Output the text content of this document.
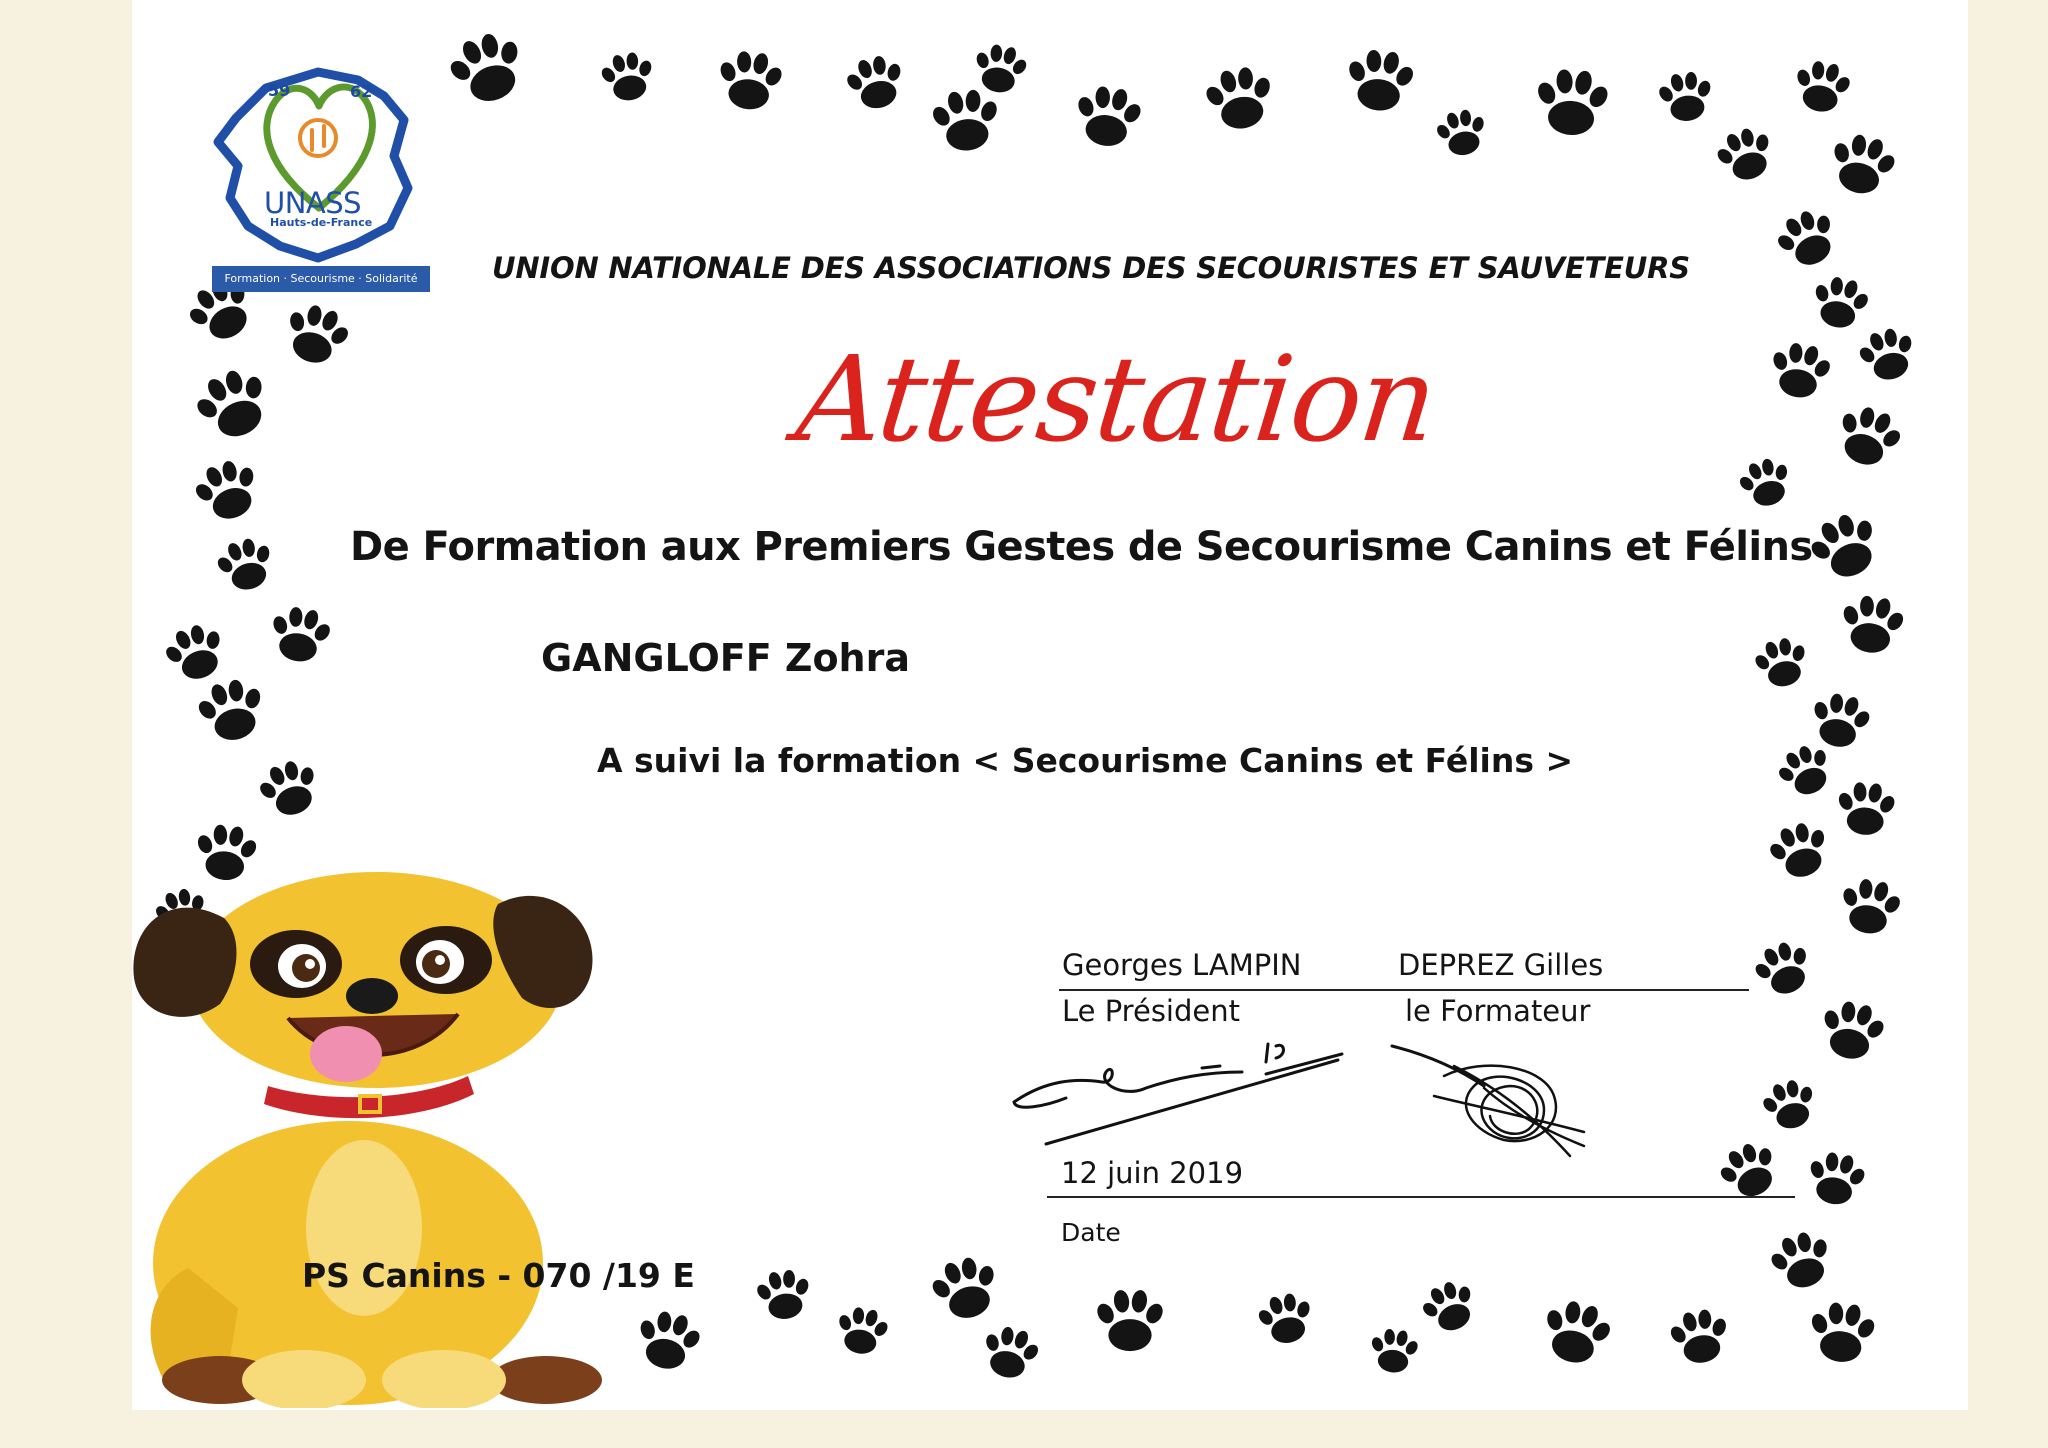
59	62
UNASS
Hauts-de-France
Formation · Secourisme · Solidarité	UNION NATIONALE DES ASSOCIATIONS DES SECOURISTES ET SAUVETEURS
Attestation
De Formation aux Premiers Gestes de Secourisme Canins et Félins
GANGLOFF Zohra
A suivi la formation < Secourisme Canins et Félins >
Georges LAMPIN	DEPREZ Gilles
Le Président	le Formateur
12 juin 2019
Date
PS Canins - 070 /19 E
